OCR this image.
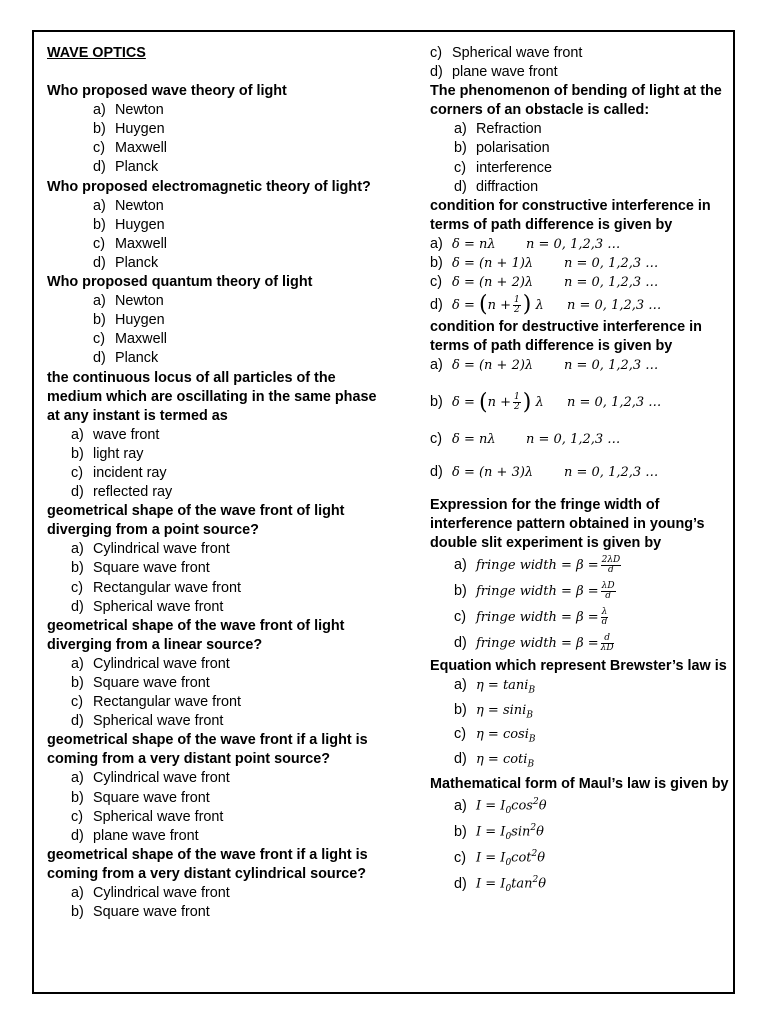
WAVE OPTICS
Who proposed wave theory of light
a) Newton
b) Huygen
c) Maxwell
d) Planck
Who proposed electromagnetic theory of light?
a) Newton
b) Huygen
c) Maxwell
d) Planck
Who proposed quantum theory of light
a) Newton
b) Huygen
c) Maxwell
d) Planck
the continuous locus of all particles of the medium which are oscillating in the same phase at any instant is termed as
a) wave front
b) light ray
c) incident ray
d) reflected ray
geometrical shape of the wave front of light diverging from a point source?
a) Cylindrical wave front
b) Square wave front
c) Rectangular wave front
d) Spherical wave front
geometrical shape of the wave front of light diverging from a linear source?
a) Cylindrical wave front
b) Square wave front
c) Rectangular wave front
d) Spherical wave front
geometrical shape of the wave front if a light is coming from a very distant point source?
a) Cylindrical wave front
b) Square wave front
c) Spherical wave front
d) plane wave front
geometrical shape of the wave front if a light is coming from a very distant cylindrical source?
a) Cylindrical wave front
b) Square wave front
c) Spherical wave front
d) plane wave front
The phenomenon of bending of light at the corners of an obstacle is called:
a) Refraction
b) polarisation
c) interference
d) diffraction
condition for constructive interference in terms of path difference is given by
a) δ = nλ	n = 0, 1,2,3 …
b) δ = (n + 1)λ	n = 0, 1,2,3 …
c) δ = (n + 2)λ	n = 0, 1,2,3 …
d) δ = ( $n + \frac{1}{2}$ )
λ n = 0, 1,2,3 …
condition for destructive interference in terms of path difference is given by
a) δ = (n + 2)λ	n = 0, 1,2,3 …
b) δ = ( $n + \frac{1}{2}$ )
λ n = 0, 1,2,3 …
c) δ = nλ	n = 0, 1,2,3 …
d) δ = (n + 3)λ	n = 0, 1,2,3 …
Expression for the fringe width of interference pattern obtained in young’s double slit experiment is given by
a) fringe width = $\beta = \frac{2\lambda D}{d}$
b) fringe width = $\beta = \frac{\lambda D}{d}$
c) fringe width = $\beta = \frac{\lambda}{d}$
d) fringe width = $\beta = \frac{d}{\lambda D}$
Equation which represent Brewster’s law is
a) η = tani$_B$
b) η = sini$_B$
c) η = cosi$_B$
d) η = coti$_B$
Mathematical form of Maul’s law is given by
a) $I = I_0\cos^2\theta$
b) $I = I_0\sin^2\theta$
c) $I = I_0\cot^2\theta$
d) $I = I_0\tan^2\theta$
